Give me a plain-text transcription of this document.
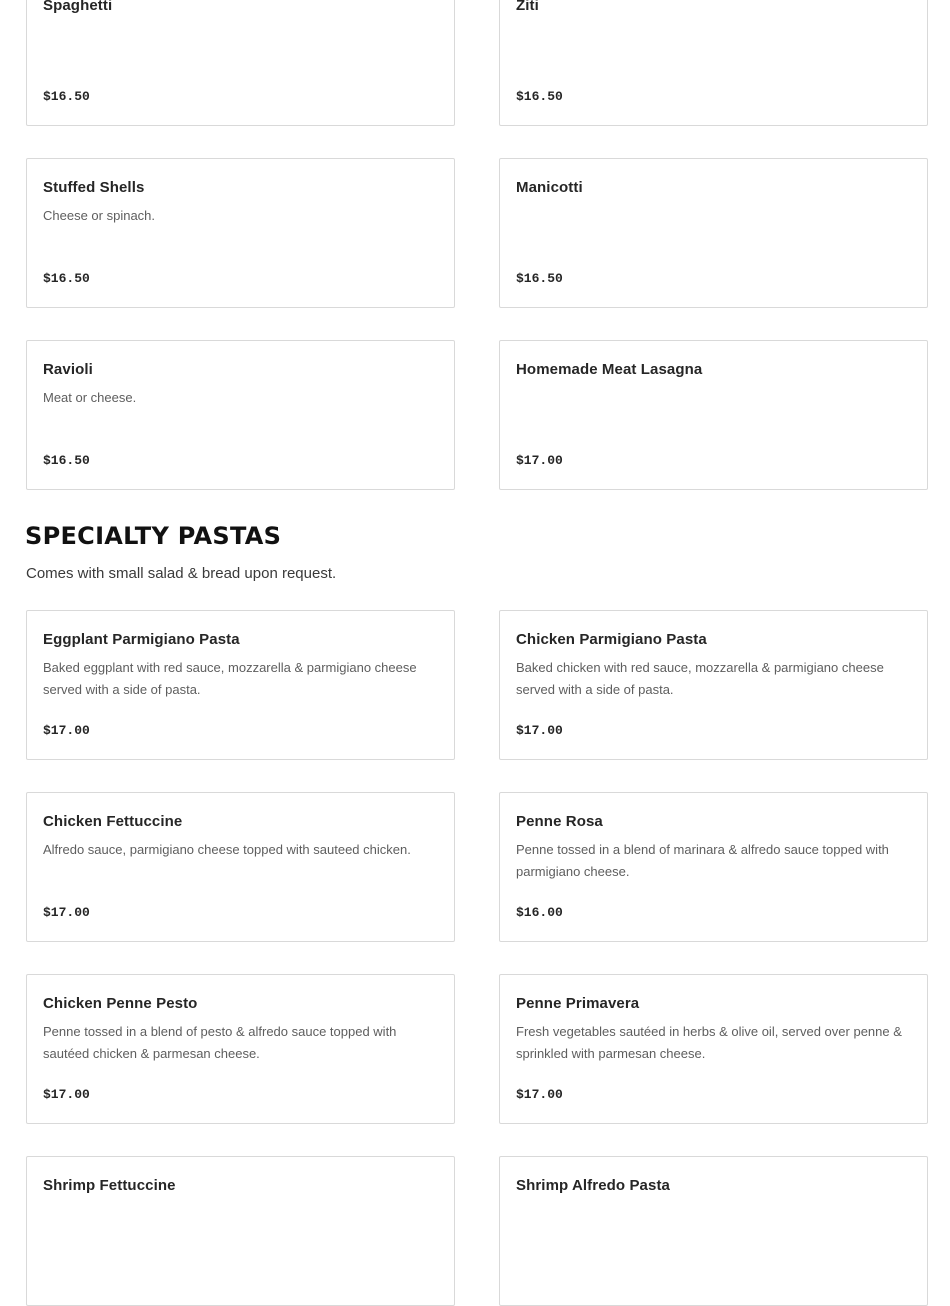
Spaghetti
$16.50
Ziti
$16.50
Stuffed Shells
Cheese or spinach.
$16.50
Manicotti
$16.50
Ravioli
Meat or cheese.
$16.50
Homemade Meat Lasagna
$17.00
SPECIALTY PASTAS

Comes with small salad & bread upon request.

Eggplant Parmigiano Pasta
Baked eggplant with red sauce, mozzarella & parmigiano cheese served with a side of pasta.
$17.00
Chicken Parmigiano Pasta
Baked chicken with red sauce, mozzarella & parmigiano cheese served with a side of pasta.
$17.00
Chicken Fettuccine
Alfredo sauce, parmigiano cheese topped with sauteed chicken.
$17.00
Penne Rosa
Penne tossed in a blend of marinara & alfredo sauce topped with parmigiano cheese.
$16.00
Chicken Penne Pesto
Penne tossed in a blend of pesto & alfredo sauce topped with sautéed chicken & parmesan cheese.
$17.00
Penne Primavera
Fresh vegetables sautéed in herbs & olive oil, served over penne & sprinkled with parmesan cheese.
$17.00
Shrimp Fettuccine	Shrimp Alfredo Pasta
